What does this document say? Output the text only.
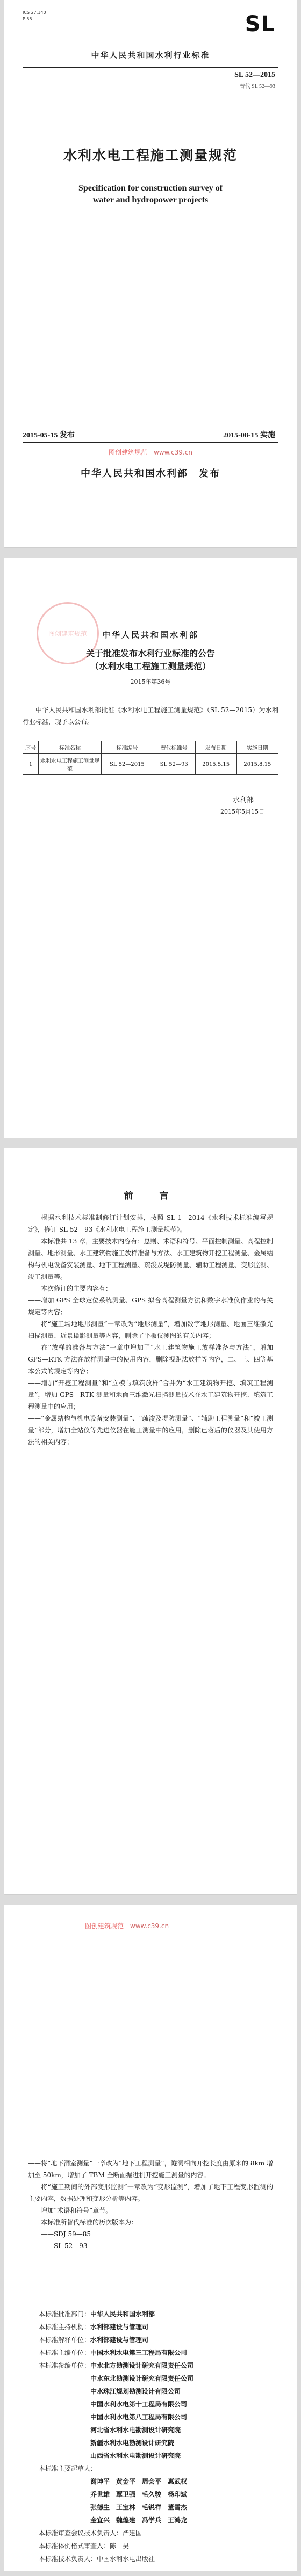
ICS 27.140
P 55	SL
中华人民共和国水利行业标准
SL 52—2015
替代 SL 52—93
水利水电工程施工测量规范
Specification for construction survey of
water and hydropower projects
2015-05-15 发布	2015-08-15 实施
图创建筑规范　 www.c39.cn
中华人民共和国水利部　发布
图创建筑规范	中华人民共和国水利部
关于批准发布水利行业标准的公告
（水利水电工程施工测量规范）
2015年第36号
中华人民共和国水利部批准《水利水电工程施工测量规范》（SL 52—2015）为水利行业标准，现予以公布。
序号	标准名称	标准编号	替代标准号	发布日期	实施日期
1	水利水电工程施工测量规范	SL 52—2015	SL 52—93	2015.5.15	2015.8.15
水利部
2015年5月15日
前　言
根据水利技术标准制修订计划安排，按照 SL 1—2014《水利技术标准编写规定》，修订 SL 52—93《水利水电工程施工测量规范》。
本标准共 13 章，主要技术内容有：总则、术语和符号、平面控制测量、高程控制测量、地形测量、水工建筑物施工放样准备与方法、水工建筑物开挖工程测量、金属结构与机电设备安装测量、地下工程测量、疏浚及堤防测量、辅助工程测量、变形监测、竣工测量等。
本次修订的主要内容有：
——增加 GPS 全球定位系统测量、GPS 拟合高程测量方法和数字水准仪作业的有关规定等内容；
——将“施工场地地形测量”一章改为“地形测量”，增加数字地形测量、地面三维激光扫描测量、近景摄影测量等内容，删除了平板仪测图的有关内容；
——在“放样的准备与方法”一章中增加了“水工建筑物施工放样准备与方法”，增加 GPS—RTK 方法在放样测量中的使用内容，删除视距法放样等内容，二、三、四等基本公式的规定等内容；
——增加“开挖工程测量”和“立模与填筑放样”合并为“水工建筑物开挖、填筑工程测量”，增加 GPS—RTK 测量和地面三维激光扫描测量技术在水工建筑物开挖、填筑工程测量中的应用；
——“金属结构与机电设备安装测量”、“疏浚及堤防测量”、“辅助工程测量”和“竣工测量”部分，增加全站仪等先进仪器在施工测量中的应用，删除已落后的仪器及其使用方法的相关内容；
图创建筑规范　 www.c39.cn
——将“地下洞室测量”一章改为“地下工程测量”，隧洞相向开挖长度由原来的 8km 增加至 50km，增加了 TBM 全断面掘进机开挖施工测量的内容。
——将“施工期间的外部变形监测”一章改为“变形监测”，增加了地下工程变形监测的主要内容，数据处理和变形分析等内容。
——增加“术语和符号”章节。
本标准所替代标准的历次版本为：
——SDJ 59—85
——SL 52—93
本标准批准部门：中华人民共和国水利部
本标准主持机构：水利部建设与管理司
本标准解释单位：水利部建设与管理司
本标准主编单位：中国水利水电第三工程局有限公司
本标准参编单位：中水北方勘测设计研究有限责任公司
中水东北勘测设计研究有限责任公司
中水珠江规划勘测设计有限公司
中国水利水电第十工程局有限公司
中国水利水电第八工程局有限公司
河北省水利水电勘测设计研究院
新疆水利水电勘测设计研究院
山西省水利水电勘测设计研究院
本标准主要起草人：
谢坤平　黄金平　周会平　惠武权
乔世雄　覃卫强　毛久骏　杨印斌
张德生　王宝林　毛锐祥　董雪杰
金宜兴　魏煌建　冯学兵　王鸿龙
本标准审查会议技术负责人：严建国
本标准体例格式审查人：陈　昊
本标准技术负责人：中国水利水电出版社
